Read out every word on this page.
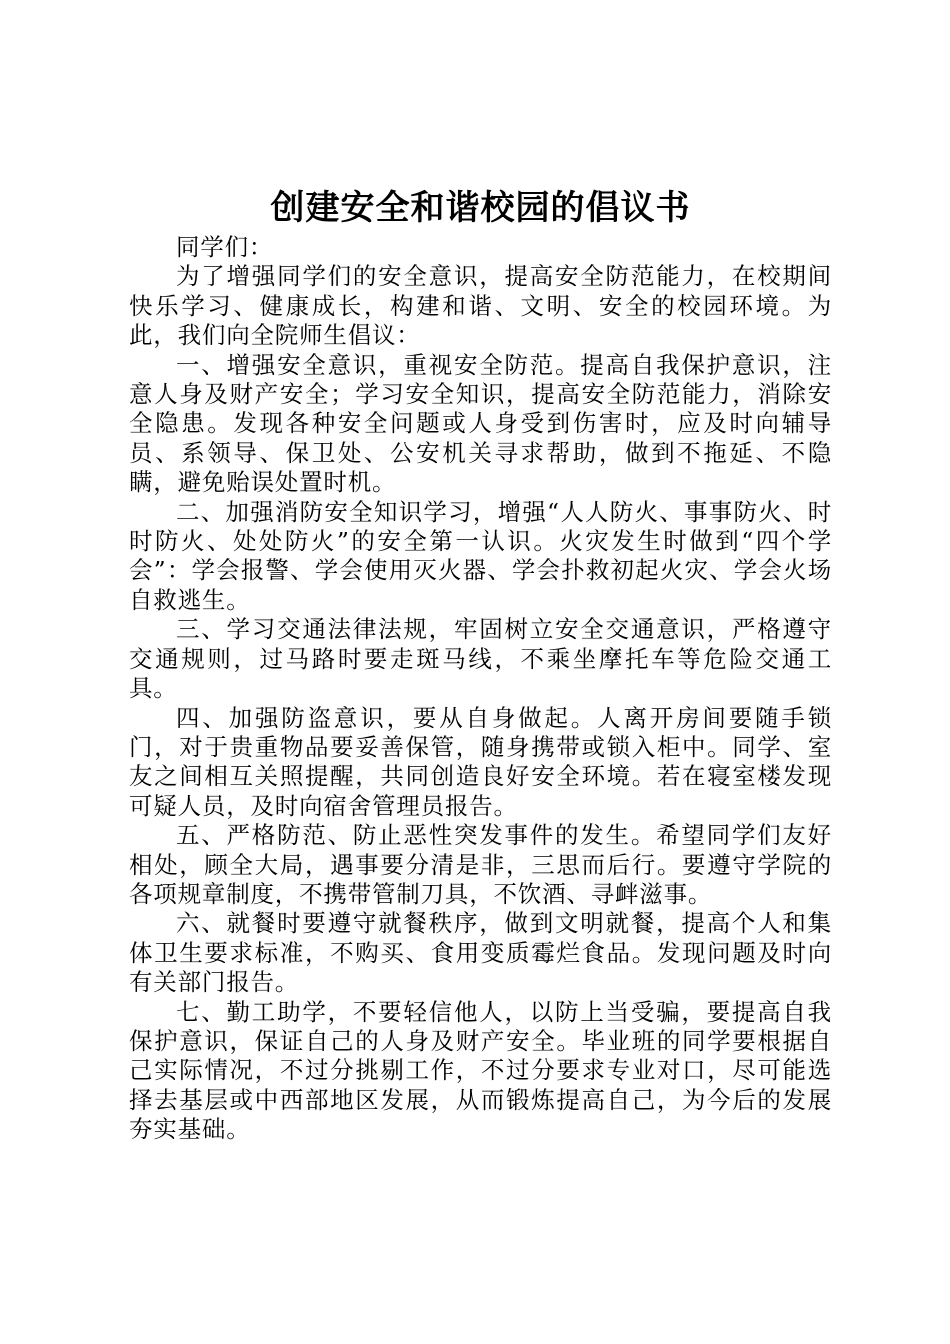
创建安全和谐校园的倡议书

同学们：

为了增强同学们的安全意识，提高安全防范能力，在校期间快乐学习、健康成长，构建和谐、文明、安全的校园环境。为此，我们向全院师生倡议：

一、增强安全意识，重视安全防范。提高自我保护意识，注意人身及财产安全；学习安全知识，提高安全防范能力，消除安全隐患。发现各种安全问题或人身受到伤害时，应及时向辅导员、系领导、保卫处、公安机关寻求帮助，做到不拖延、不隐瞒，避免贻误处置时机。

二、加强消防安全知识学习，增强“人人防火、事事防火、时时防火、处处防火”的安全第一认识。火灾发生时做到“四个学会”：学会报警、学会使用灭火器、学会扑救初起火灾、学会火场自救逃生。

三、学习交通法律法规，牢固树立安全交通意识，严格遵守交通规则，过马路时要走斑马线，不乘坐摩托车等危险交通工具。

四、加强防盗意识，要从自身做起。人离开房间要随手锁门，对于贵重物品要妥善保管，随身携带或锁入柜中。同学、室友之间相互关照提醒，共同创造良好安全环境。若在寝室楼发现可疑人员，及时向宿舍管理员报告。

五、严格防范、防止恶性突发事件的发生。希望同学们友好相处，顾全大局，遇事要分清是非，三思而后行。要遵守学院的各项规章制度，不携带管制刀具，不饮酒、寻衅滋事。

六、就餐时要遵守就餐秩序，做到文明就餐，提高个人和集体卫生要求标准，不购买、食用变质霉烂食品。发现问题及时向有关部门报告。

七、勤工助学，不要轻信他人，以防上当受骗，要提高自我保护意识，保证自己的人身及财产安全。毕业班的同学要根据自己实际情况，不过分挑剔工作，不过分要求专业对口，尽可能选择去基层或中西部地区发展，从而锻炼提高自己，为今后的发展夯实基础。
